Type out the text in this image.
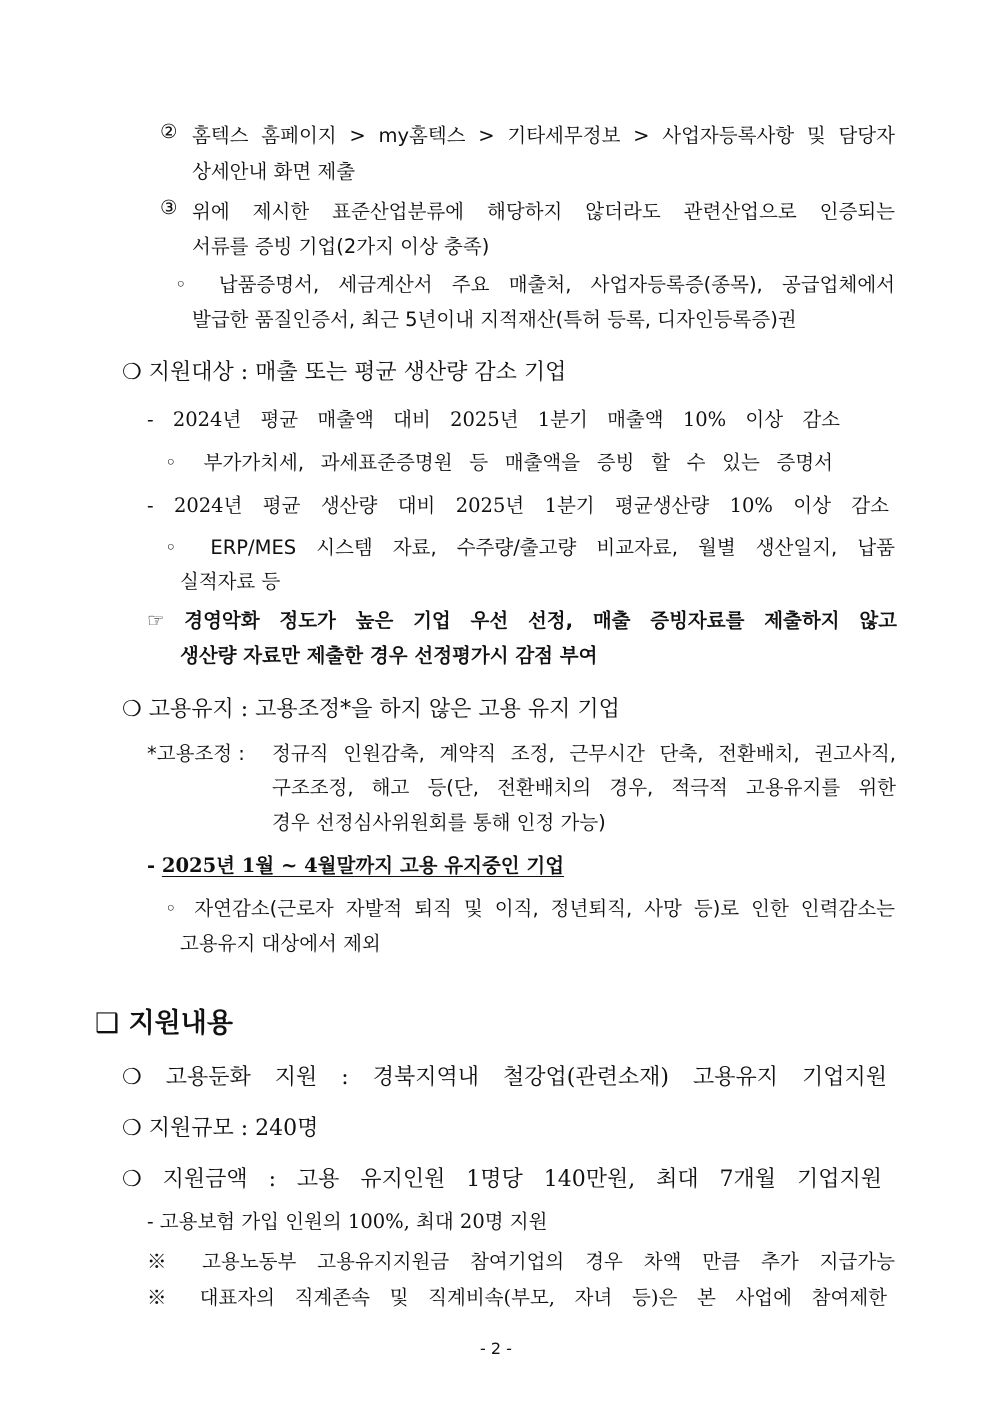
② 홈텍스 홈페이지 > my홈텍스 > 기타세무정보 > 사업자등록사항 및 담당자
상세안내 화면 제출
③ 위에 제시한 표준산업분류에 해당하지 않더라도 관련산업으로 인증되는
서류를 증빙 기업(2가지 이상 충족)
◦ 납품증명서, 세금계산서 주요 매출처, 사업자등록증(종목), 공급업체에서
발급한 품질인증서, 최근 5년이내 지적재산(특허 등록, 디자인등록증)권
❍ 지원대상 : 매출 또는 평균 생산량 감소 기업
- 2024년 평균 매출액 대비 2025년 1분기 매출액 10% 이상 감소
◦ 부가가치세, 과세표준증명원 등 매출액을 증빙 할 수 있는 증명서
- 2024년 평균 생산량 대비 2025년 1분기 평균생산량 10% 이상 감소
◦ ERP/MES 시스템 자료, 수주량/출고량 비교자료, 월별 생산일지, 납품
실적자료 등
☞ 경영악화 정도가 높은 기업 우선 선정, 매출 증빙자료를 제출하지 않고
생산량 자료만 제출한 경우 선정평가시 감점 부여
❍ 고용유지 : 고용조정*을 하지 않은 고용 유지 기업
*고용조정 : 정규직 인원감축, 계약직 조정, 근무시간 단축, 전환배치, 권고사직,
구조조정, 해고 등(단, 전환배치의 경우, 적극적 고용유지를 위한
경우 선정심사위원회를 통해 인정 가능)
- 2025년 1월 ~ 4월말까지 고용 유지중인 기업
◦ 자연감소(근로자 자발적 퇴직 및 이직, 정년퇴직, 사망 등)로 인한 인력감소는
고용유지 대상에서 제외
❑ 지원내용
❍ 고용둔화 지원 : 경북지역내 철강업(관련소재) 고용유지 기업지원
❍ 지원규모 : 240명
❍ 지원금액 : 고용 유지인원 1명당 140만원, 최대 7개월 기업지원
- 고용보험 가입 인원의 100%, 최대 20명 지원
※ 고용노동부 고용유지지원금 참여기업의 경우 차액 만큼 추가 지급가능
※ 대표자의 직계존속 및 직계비속(부모, 자녀 등)은 본 사업에 참여제한
- 2 -
